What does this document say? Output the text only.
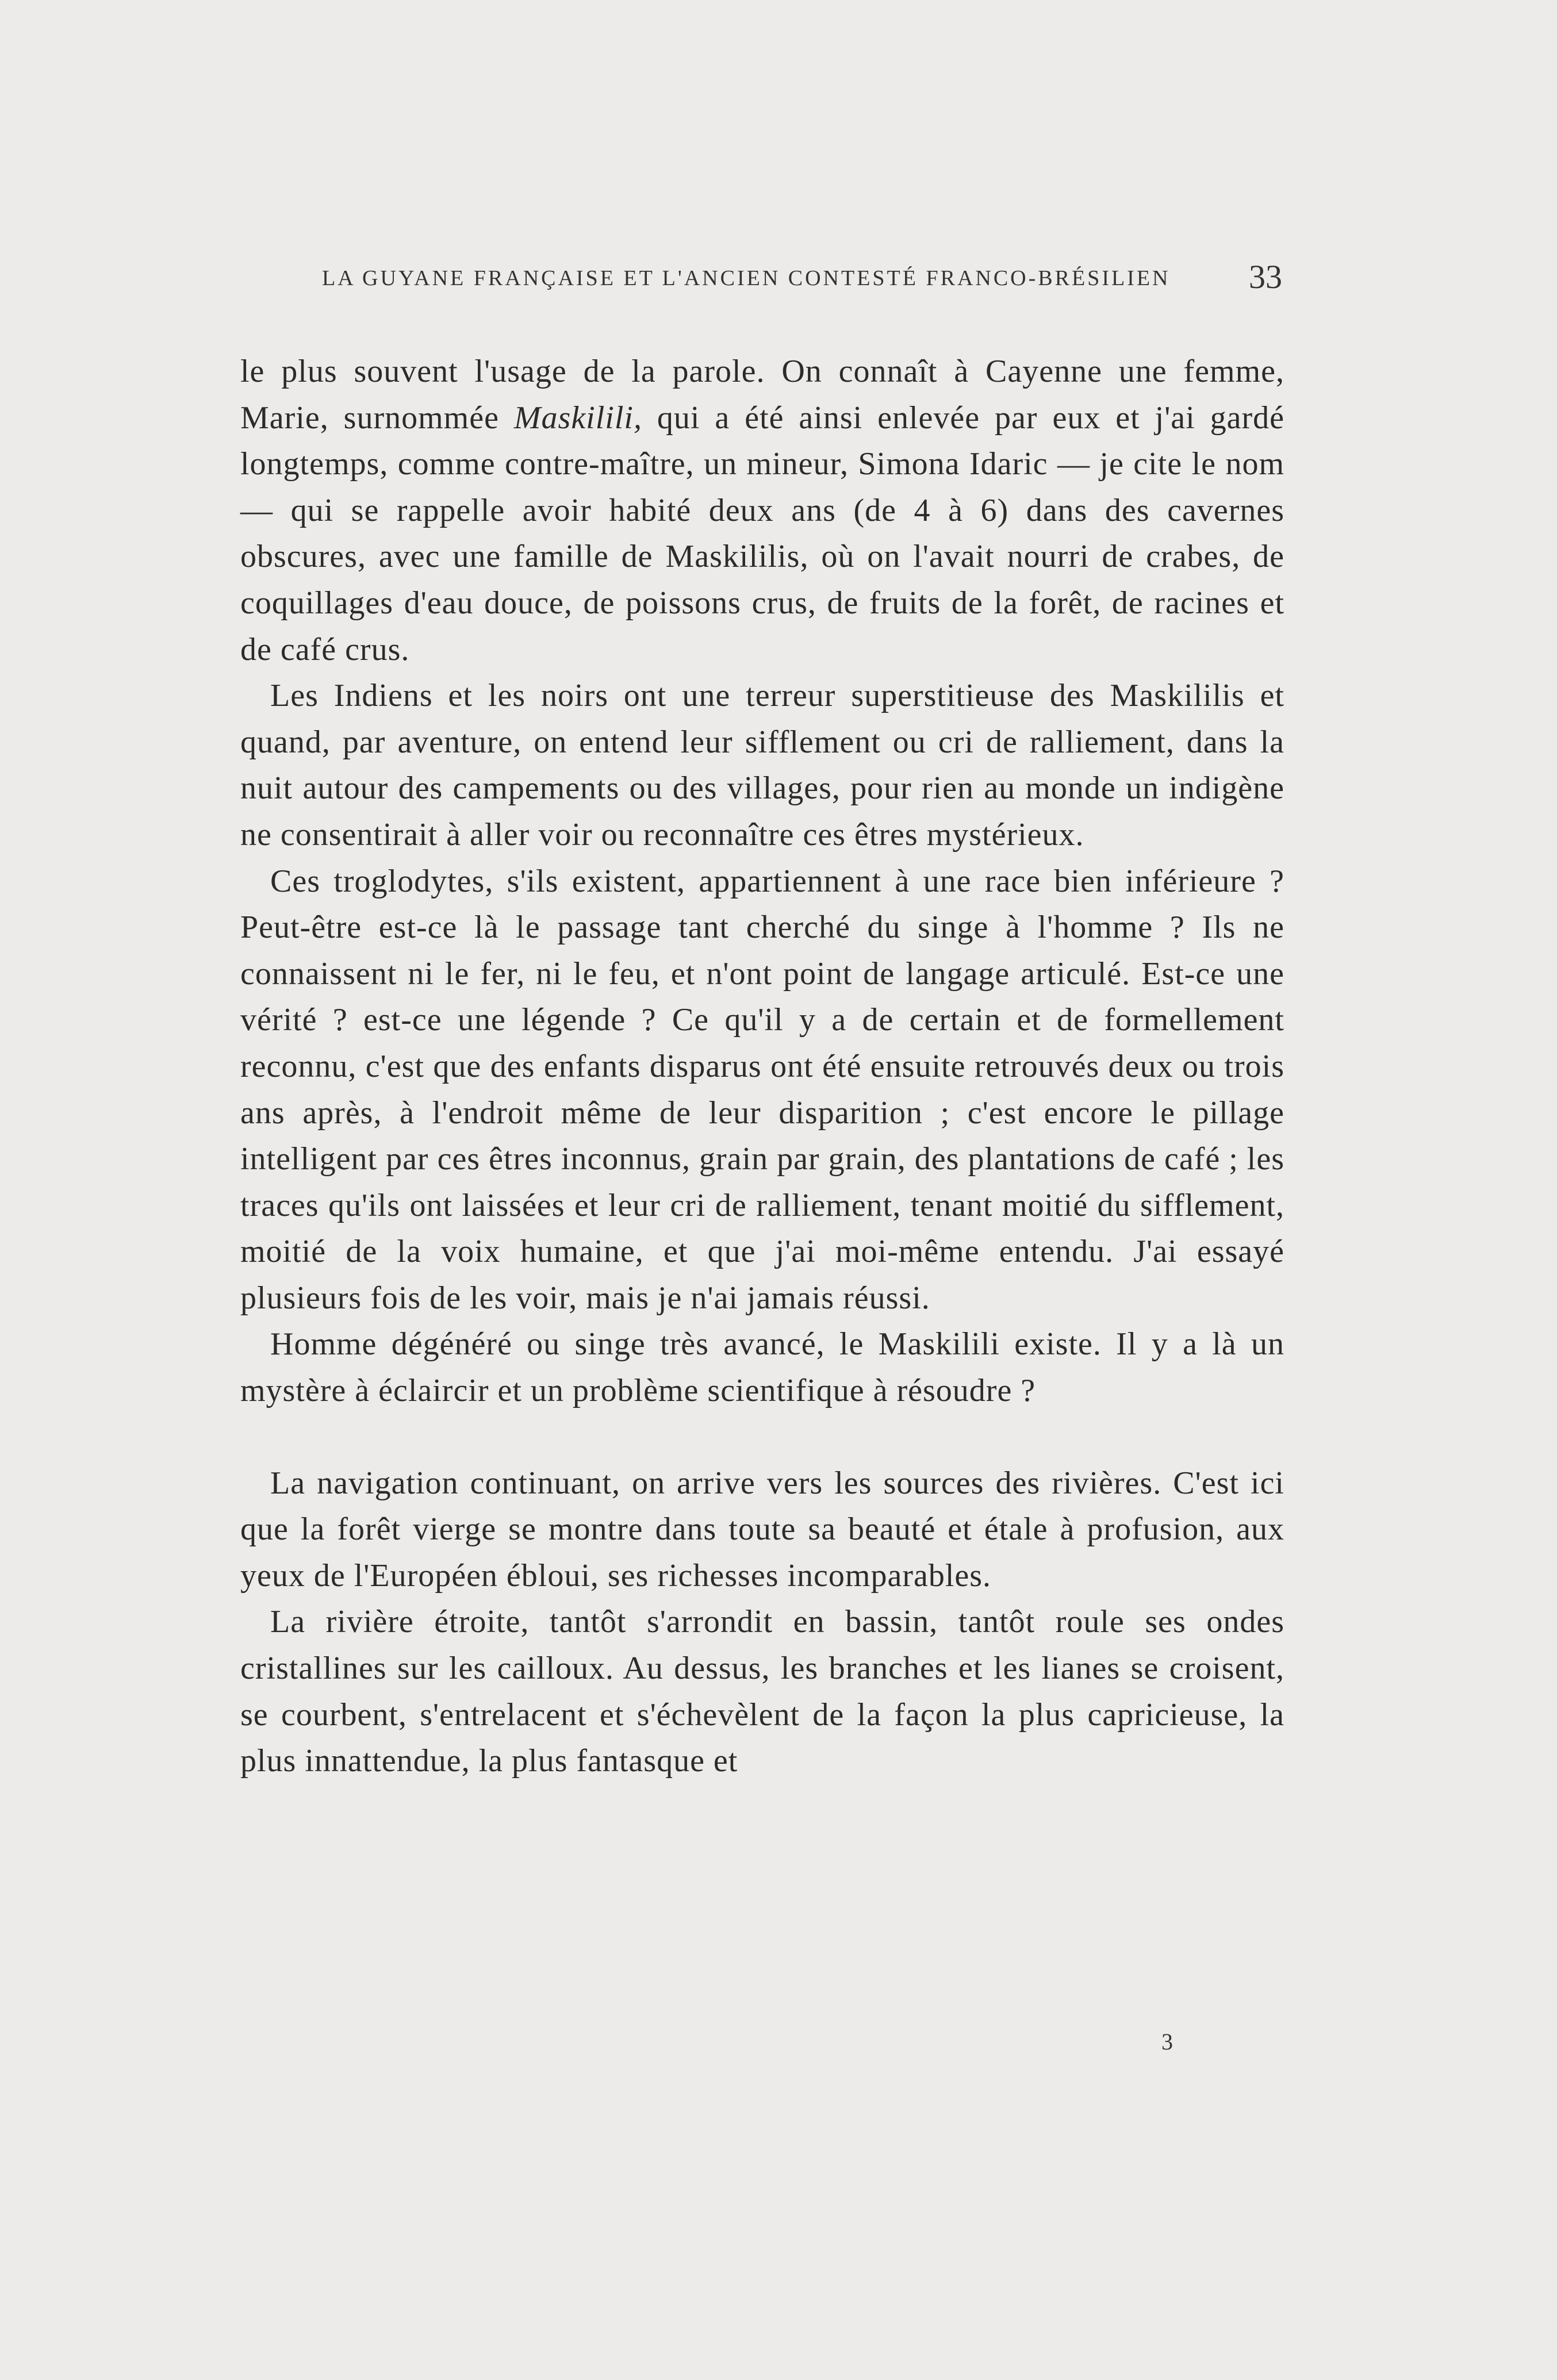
LA GUYANE FRANÇAISE ET L'ANCIEN CONTESTÉ FRANCO-BRÉSILIEN	33

le plus souvent l'usage de la parole. On connaît à Cayenne une femme, Marie, surnommée Maskilili, qui a été ainsi enlevée par eux et j'ai gardé longtemps, comme contre-maître, un mineur, Simona Idaric — je cite le nom — qui se rappelle avoir habité deux ans (de 4 à 6) dans des cavernes obscures, avec une famille de Maskililis, où on l'avait nourri de crabes, de coquillages d'eau douce, de poissons crus, de fruits de la forêt, de racines et de café crus.

Les Indiens et les noirs ont une terreur superstitieuse des Maskililis et quand, par aventure, on entend leur sifflement ou cri de ralliement, dans la nuit autour des campements ou des villages, pour rien au monde un indigène ne consentirait à aller voir ou reconnaître ces êtres mystérieux.

Ces troglodytes, s'ils existent, appartiennent à une race bien inférieure ? Peut-être est-ce là le passage tant cherché du singe à l'homme ? Ils ne connaissent ni le fer, ni le feu, et n'ont point de langage articulé. Est-ce une vérité ? est-ce une légende ? Ce qu'il y a de certain et de formellement reconnu, c'est que des enfants disparus ont été ensuite retrouvés deux ou trois ans après, à l'endroit même de leur disparition ; c'est encore le pillage intelligent par ces êtres inconnus, grain par grain, des plantations de café ; les traces qu'ils ont laissées et leur cri de ralliement, tenant moitié du sifflement, moitié de la voix humaine, et que j'ai moi-même entendu. J'ai essayé plusieurs fois de les voir, mais je n'ai jamais réussi.

Homme dégénéré ou singe très avancé, le Maskilili existe. Il y a là un mystère à éclaircir et un problème scientifique à résoudre ?

La navigation continuant, on arrive vers les sources des rivières. C'est ici que la forêt vierge se montre dans toute sa beauté et étale à profusion, aux yeux de l'Européen ébloui, ses richesses incomparables.

La rivière étroite, tantôt s'arrondit en bassin, tantôt roule ses ondes cristallines sur les cailloux. Au dessus, les branches et les lianes se croisent, se courbent, s'entrelacent et s'échevèlent de la façon la plus capricieuse, la plus innattendue, la plus fantasque et

3
